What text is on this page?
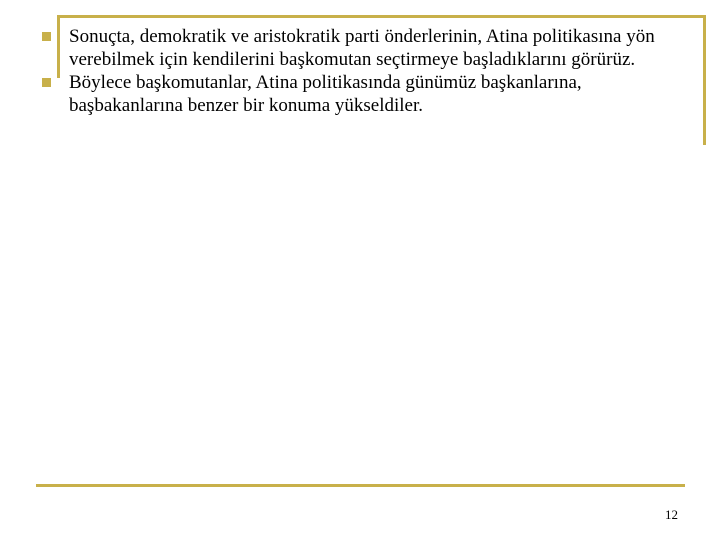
Sonuçta, demokratik ve aristokratik parti önderlerinin, Atina politikasına yön verebilmek için kendilerini başkomutan seçtirmeye başladıklarını görürüz.
Böylece başkomutanlar, Atina politikasında günümüz başkanlarına, başbakanlarına benzer bir konuma yükseldiler.
12
